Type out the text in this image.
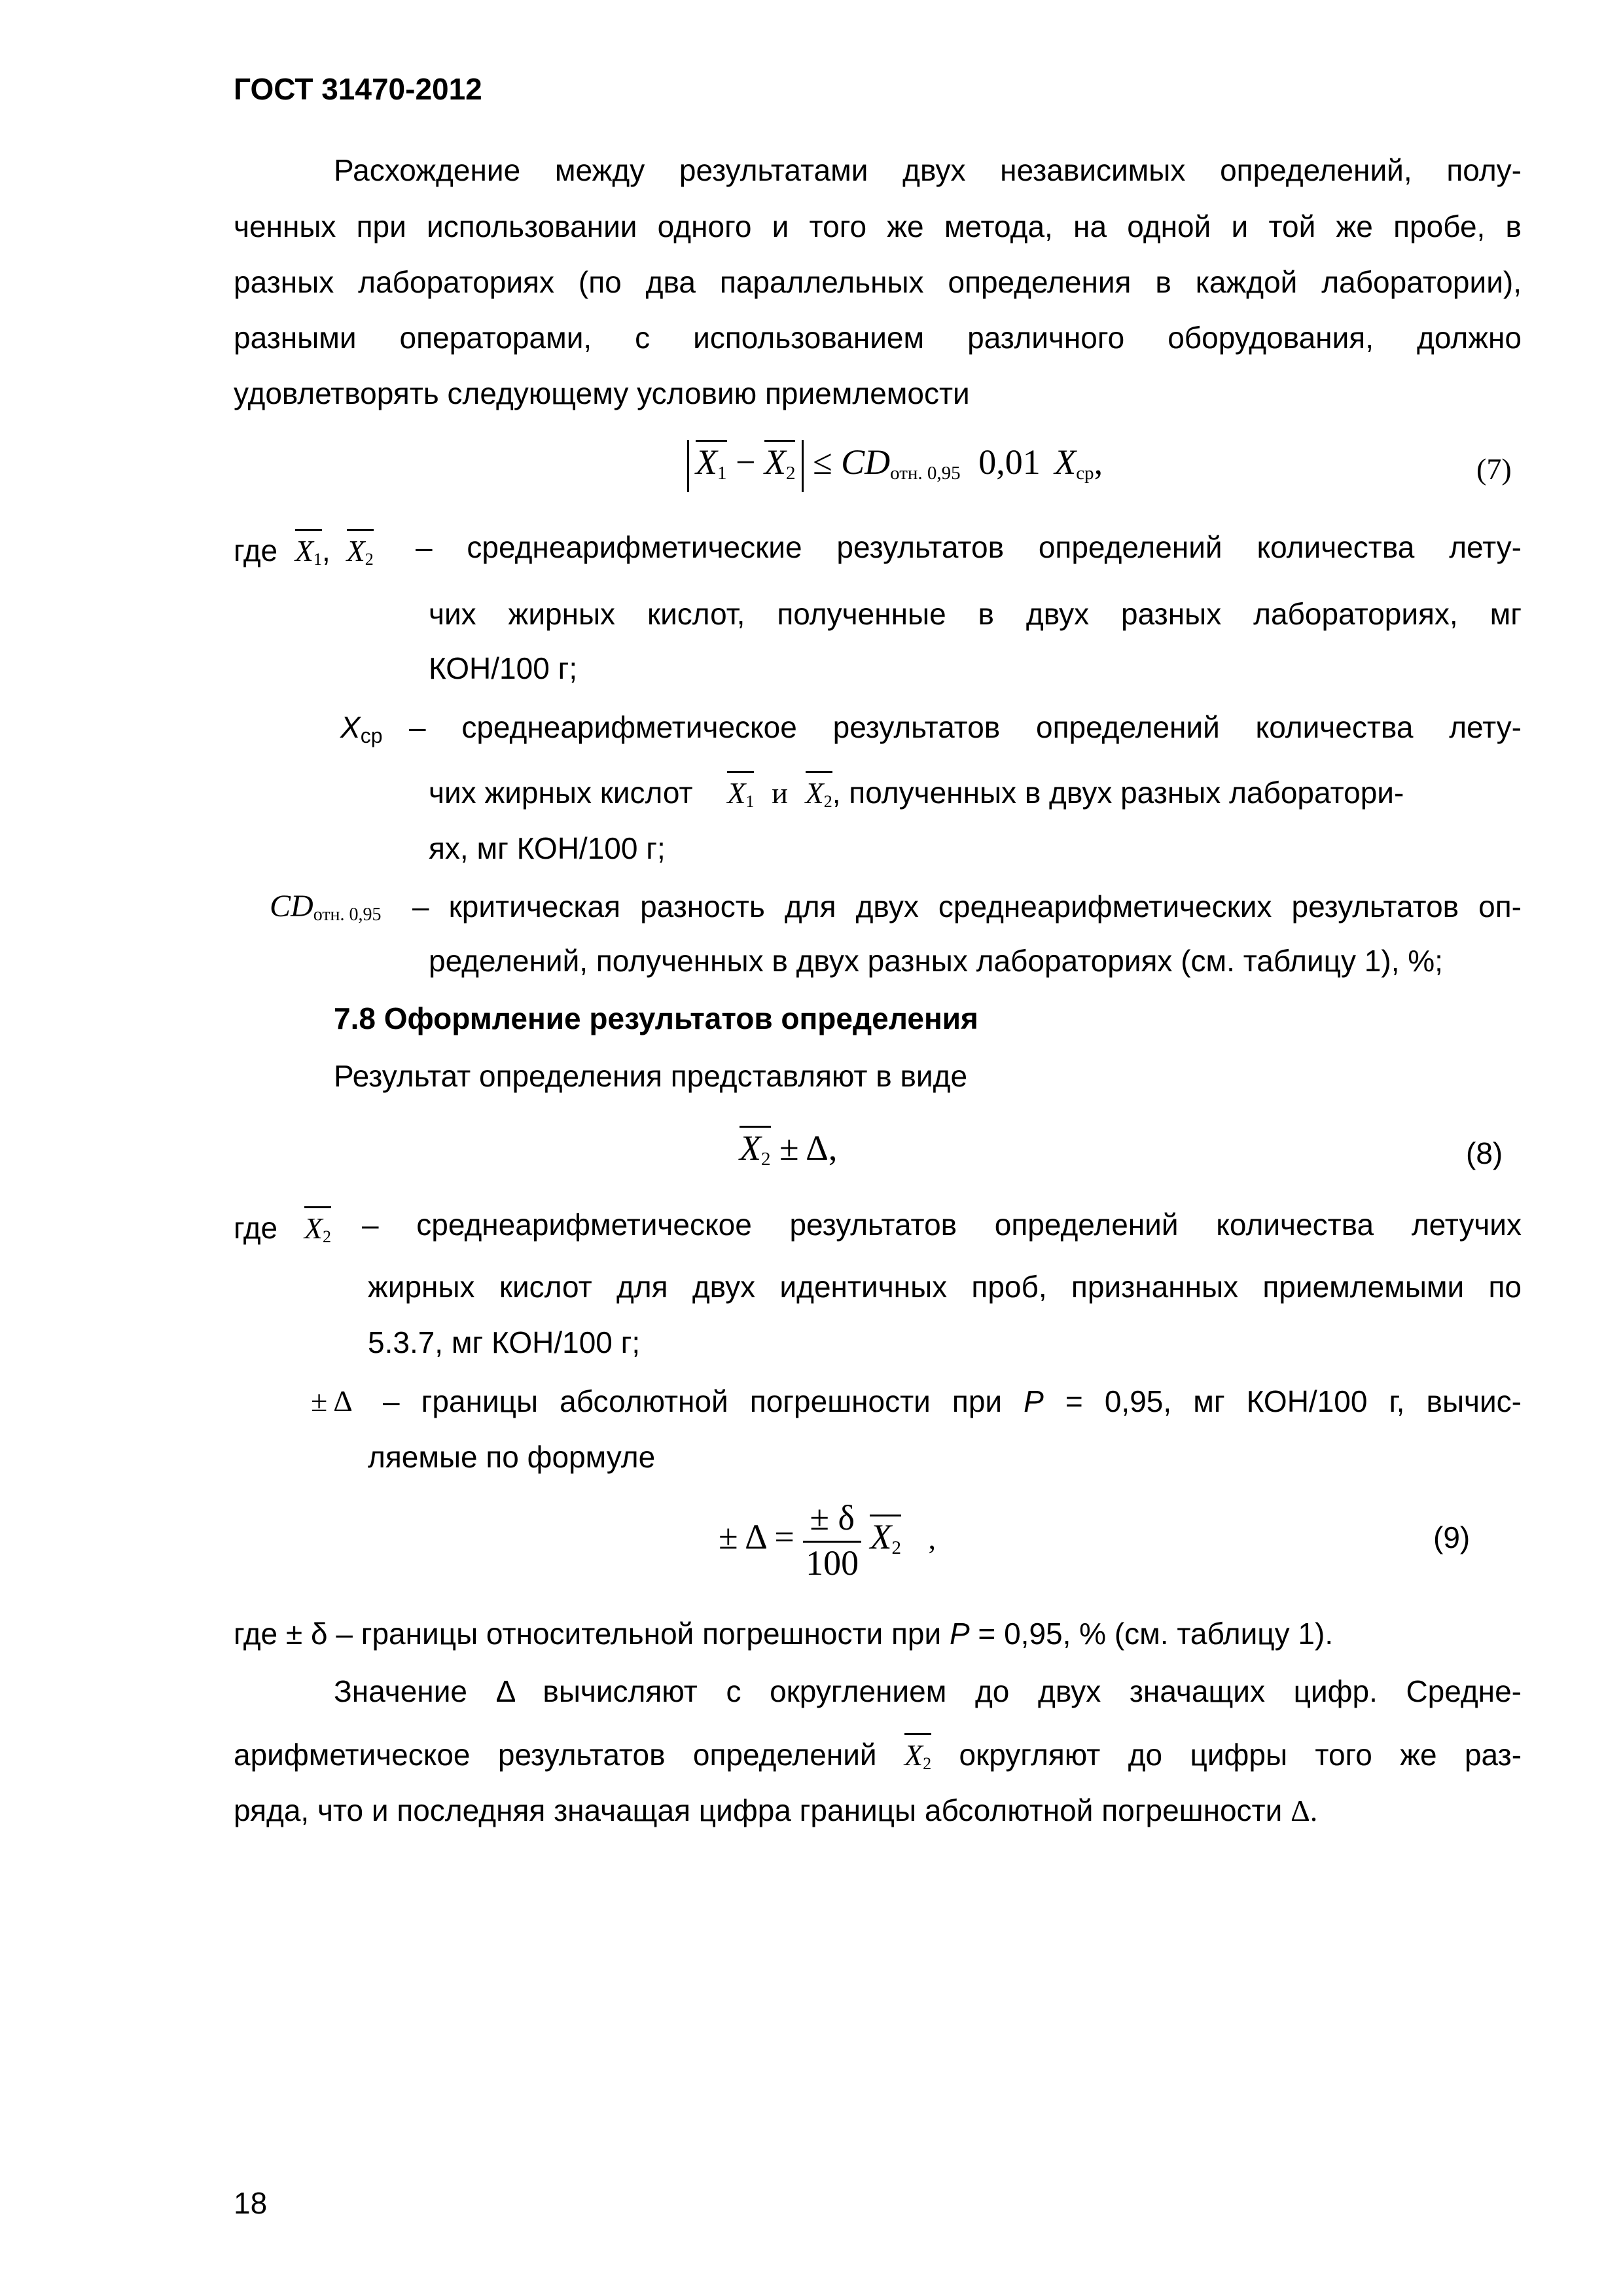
ГОСТ 31470-2012
Расхождение между результатами двух независимых определений, полу-
ченных при использовании одного и того же метода, на одной и той же пробе, в
разных лабораториях (по два параллельных определения в каждой лаборатории),
разными операторами, с использованием различного оборудования, должно
удовлетворять следующему условию приемлемости
$X_1 - X_2 \le CD_{отн. 0,95}$ 0,01 $X_{ср}$,	(7)
где X1, X2 – среднеарифметические результатов определений количества лету-
чих жирных кислот, полученные в двух разных лабораториях, мг
КОН/100 г;
Xср – среднеарифметическое результатов определений количества лету-
чих жирных кислот X1 и X2, полученных в двух разных лаборатори-
ях, мг КОН/100 г;
CDотн. 0,95 – критическая разность для двух среднеарифметических результатов оп-
ределений, полученных в двух разных лабораториях (см. таблицу 1), %;
7.8 Оформление результатов определения
Результат определения представляют в виде
$X_2 \pm \Delta$,	(8)
где X2 – среднеарифметическое результатов определений количества летучих
жирных кислот для двух идентичных проб, признанных приемлемыми по
5.3.7, мг КОН/100 г;
± Δ – границы абсолютной погрешности при P = 0,95, мг КОН/100 г, вычис-
ляемые по формуле
± $\Delta = \frac{\pm \delta}{100} X_2$ ,	(9)
где ± δ – границы относительной погрешности при P = 0,95, % (см. таблицу 1).
Значение Δ вычисляют с округлением до двух значащих цифр. Средне-
арифметическое результатов определений X2 округляют до цифры того же раз-
ряда, что и последняя значащая цифра границы абсолютной погрешности Δ.
18
